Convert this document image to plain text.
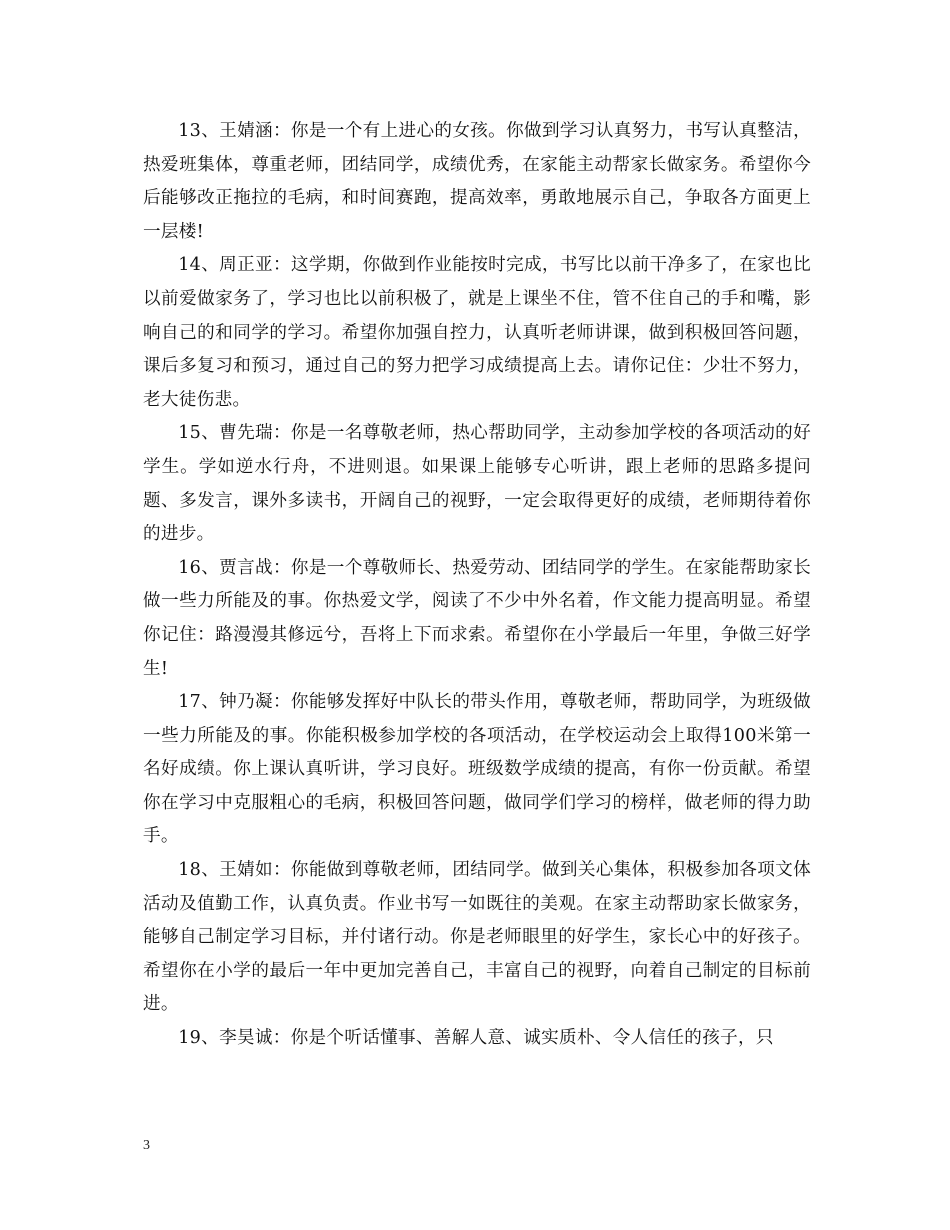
13、王婧涵：你是一个有上进心的女孩。你做到学习认真努力，书写认真整洁，热爱班集体，尊重老师，团结同学，成绩优秀，在家能主动帮家长做家务。希望你今后能够改正拖拉的毛病，和时间赛跑，提高效率，勇敢地展示自己，争取各方面更上一层楼!

14、周正亚：这学期，你做到作业能按时完成，书写比以前干净多了，在家也比以前爱做家务了，学习也比以前积极了，就是上课坐不住，管不住自己的手和嘴，影响自己的和同学的学习。希望你加强自控力，认真听老师讲课，做到积极回答问题，课后多复习和预习，通过自己的努力把学习成绩提高上去。请你记住：少壮不努力，老大徒伤悲。

15、曹先瑞：你是一名尊敬老师，热心帮助同学，主动参加学校的各项活动的好学生。学如逆水行舟，不进则退。如果课上能够专心听讲，跟上老师的思路多提问题、多发言，课外多读书，开阔自己的视野，一定会取得更好的成绩，老师期待着你的进步。

16、贾言战：你是一个尊敬师长、热爱劳动、团结同学的学生。在家能帮助家长做一些力所能及的事。你热爱文学，阅读了不少中外名着，作文能力提高明显。希望你记住：路漫漫其修远兮，吾将上下而求索。希望你在小学最后一年里，争做三好学生!

17、钟乃凝：你能够发挥好中队长的带头作用，尊敬老师，帮助同学，为班级做一些力所能及的事。你能积极参加学校的各项活动，在学校运动会上取得100米第一名好成绩。你上课认真听讲，学习良好。班级数学成绩的提高，有你一份贡献。希望你在学习中克服粗心的毛病，积极回答问题，做同学们学习的榜样，做老师的得力助手。

18、王婧如：你能做到尊敬老师，团结同学。做到关心集体，积极参加各项文体活动及值勤工作，认真负责。作业书写一如既往的美观。在家主动帮助家长做家务，能够自己制定学习目标，并付诸行动。你是老师眼里的好学生，家长心中的好孩子。希望你在小学的最后一年中更加完善自己，丰富自己的视野，向着自己制定的目标前进。

19、李昊诚：你是个听话懂事、善解人意、诚实质朴、令人信任的孩子，只

3
